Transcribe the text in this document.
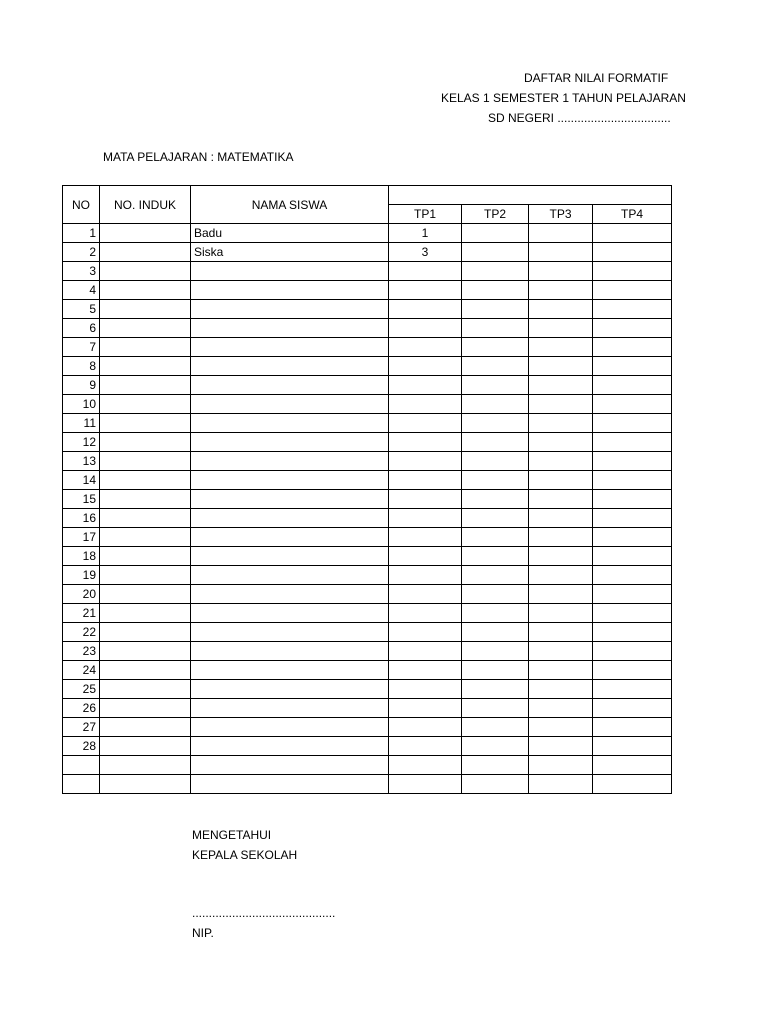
DAFTAR NILAI FORMATIF
KELAS 1 SEMESTER 1 TAHUN PELAJARAN
SD NEGERI ..................................
MATA PELAJARAN : MATEMATIKA
NO	NO. INDUK	NAMA SISWA				
			TP1	TP2	TP3	TP4
1		Badu	1			
2		Siska	3			
3						
4						
5						
6						
7						
8						
9						
10						
11						
12						
13						
14						
15						
16						
17						
18						
19						
20						
21						
22						
23						
24						
25						
26						
27						
28						

MENGETAHUI
KEPALA SEKOLAH
...........................................
NIP.
